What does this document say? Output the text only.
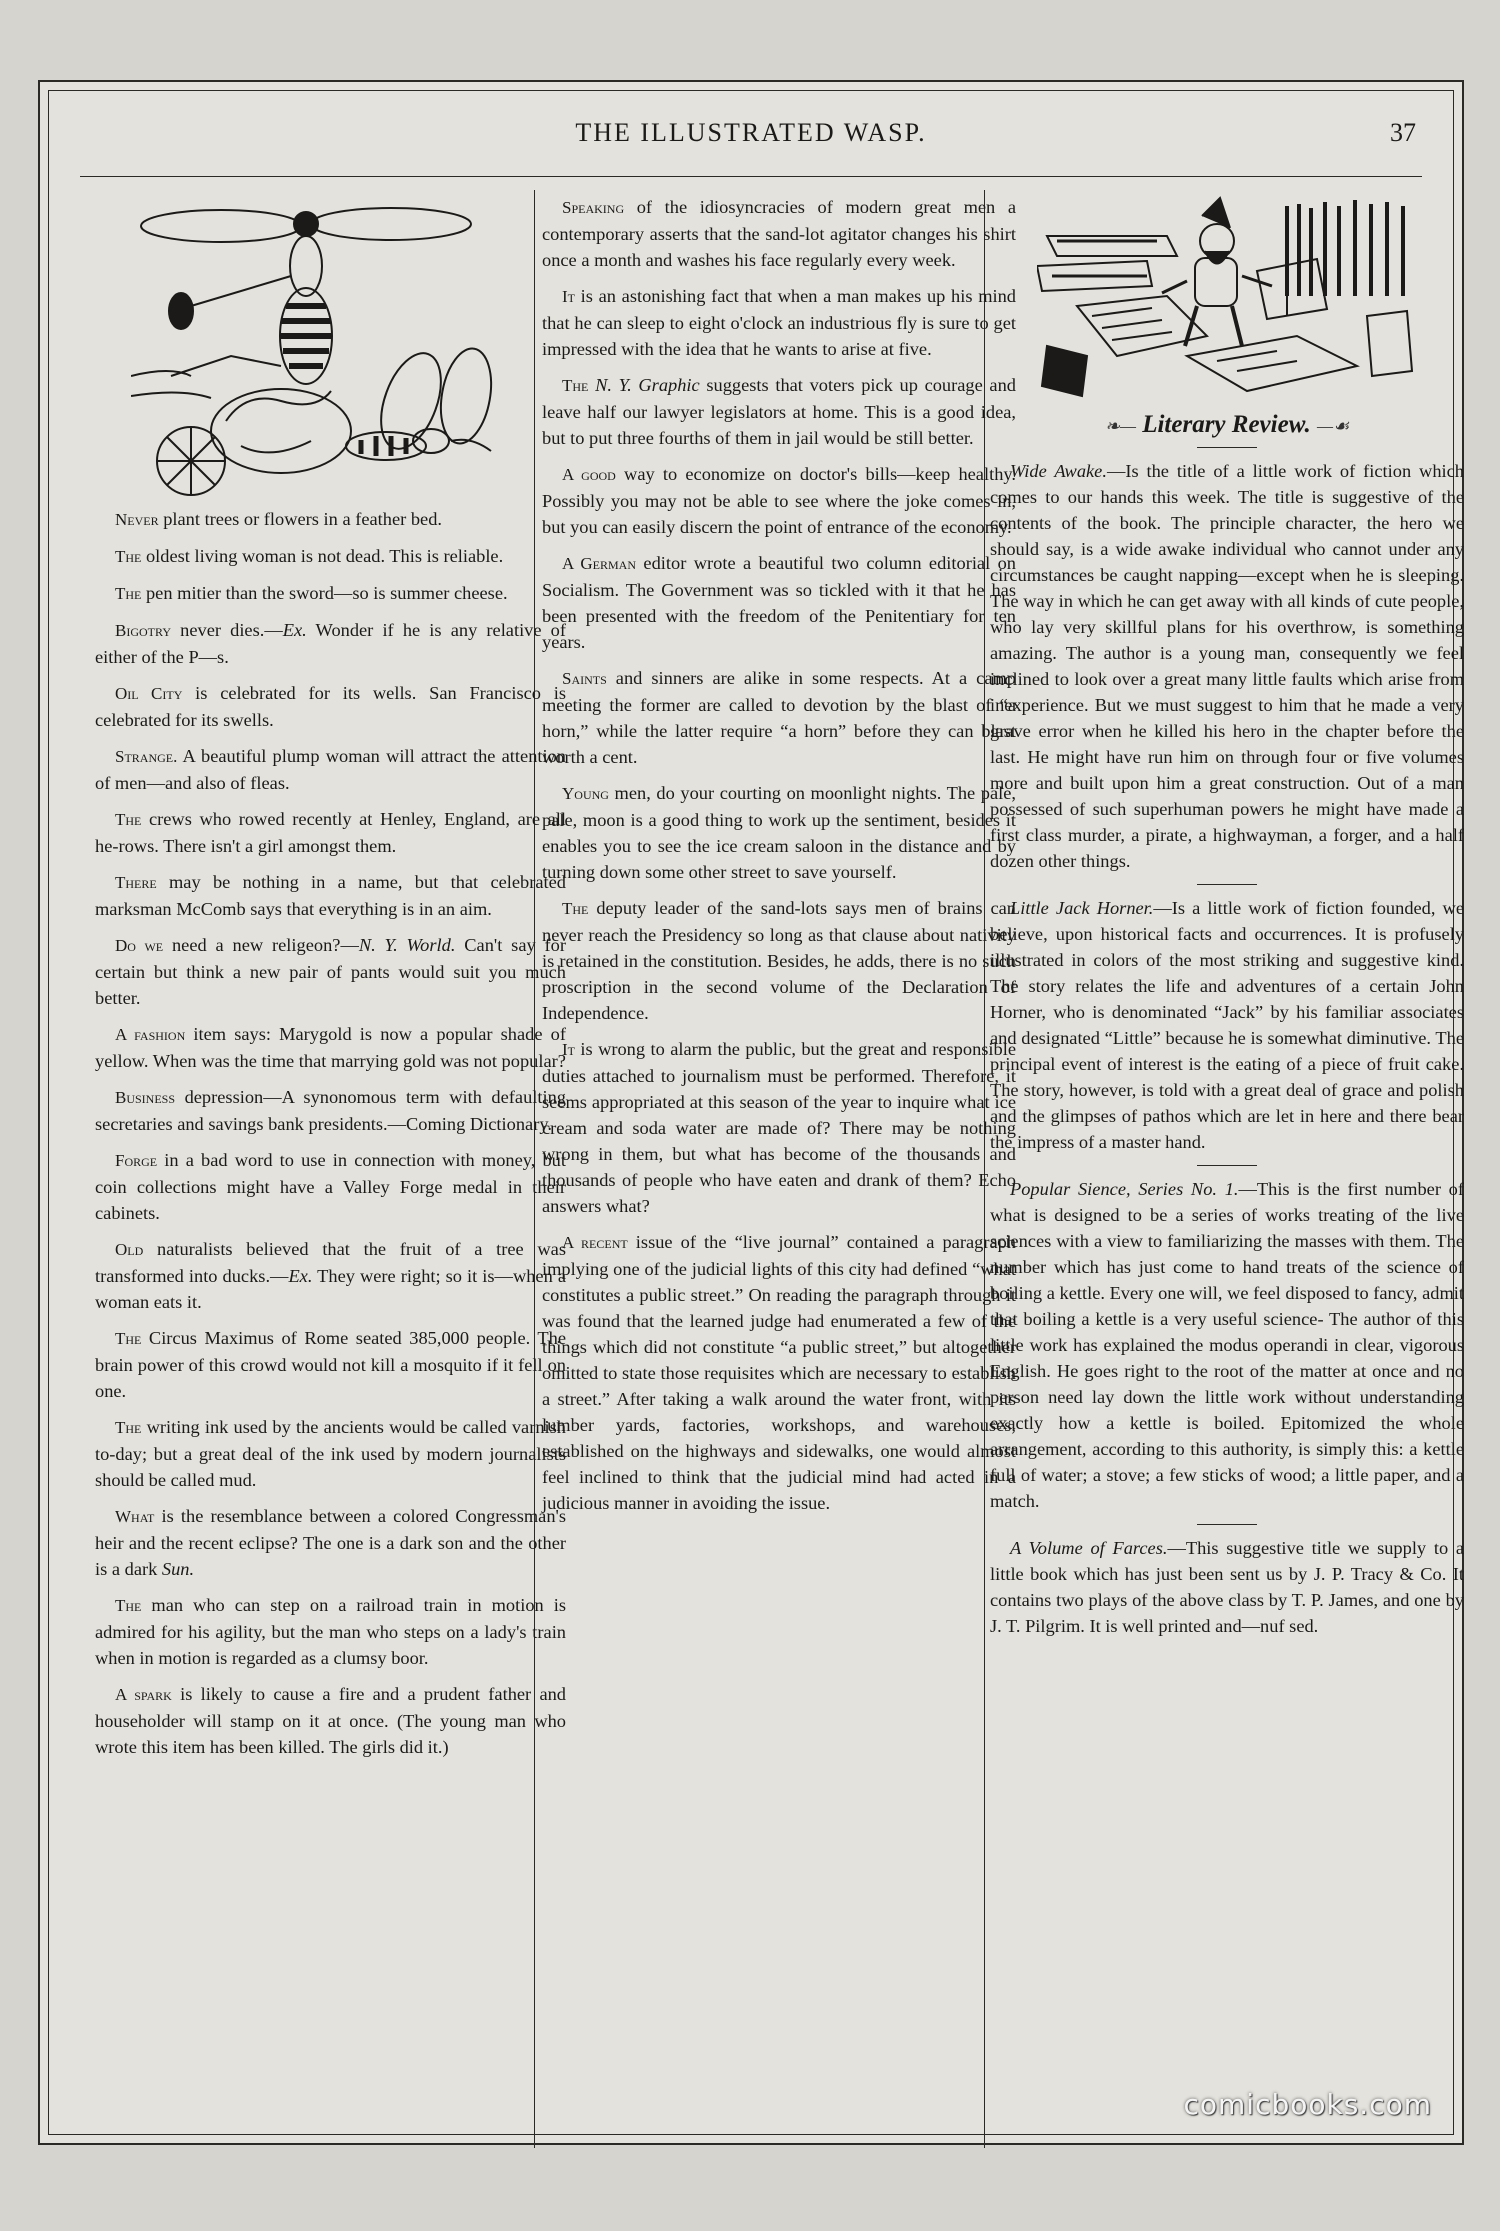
THE ILLUSTRATED WASP.	37

Never plant trees or flowers in a feather bed.

The oldest living woman is not dead. This is reliable.

The pen mitier than the sword—so is summer cheese.

Bigotry never dies.—Ex. Wonder if he is any relative of either of the P—s.

Oil City is celebrated for its wells. San Francisco is celebrated for its swells.

Strange. A beautiful plump woman will attract the attention of men—and also of fleas.

The crews who rowed recently at Henley, England, are all he-rows. There isn't a girl amongst them.

There may be nothing in a name, but that celebrated marksman McComb says that everything is in an aim.

Do we need a new religeon?—N. Y. World. Can't say for certain but think a new pair of pants would suit you much better.

A fashion item says: Marygold is now a popular shade of yellow. When was the time that marrying gold was not popular?

Business depression—A synonomous term with defaulting secretaries and savings bank presidents.—Coming Dictionary.

Forge in a bad word to use in connection with money, but coin collections might have a Valley Forge medal in their cabinets.

Old naturalists believed that the fruit of a tree was transformed into ducks.—Ex. They were right; so it is—when a woman eats it.

The Circus Maximus of Rome seated 385,000 people. The brain power of this crowd would not kill a mosquito if it fell on one.

The writing ink used by the ancients would be called varnish to-day; but a great deal of the ink used by modern journalists should be called mud.

What is the resemblance between a colored Congressman's heir and the recent eclipse? The one is a dark son and the other is a dark Sun.

The man who can step on a railroad train in motion is admired for his agility, but the man who steps on a lady's train when in motion is regarded as a clumsy boor.

A spark is likely to cause a fire and a prudent father and householder will stamp on it at once. (The young man who wrote this item has been killed. The girls did it.)

Speaking of the idiosyncracies of modern great men a contemporary asserts that the sand-lot agitator changes his shirt once a month and washes his face regularly every week.

It is an astonishing fact that when a man makes up his mind that he can sleep to eight o'clock an industrious fly is sure to get impressed with the idea that he wants to arise at five.

The N. Y. Graphic suggests that voters pick up courage and leave half our lawyer legislators at home. This is a good idea, but to put three fourths of them in jail would be still better.

A good way to economize on doctor's bills—keep healthy. Possibly you may not be able to see where the joke comes in, but you can easily discern the point of entrance of the economy.

A German editor wrote a beautiful two column editorial on Socialism. The Government was so tickled with it that he has been presented with the freedom of the Penitentiary for ten years.

Saints and sinners are alike in some respects. At a camp meeting the former are called to devotion by the blast of “a horn,” while the latter require “a horn” before they can blast worth a cent.

Young men, do your courting on moonlight nights. The pale, pale, moon is a good thing to work up the sentiment, besides it enables you to see the ice cream saloon in the distance and by turning down some other street to save yourself.

The deputy leader of the sand-lots says men of brains can never reach the Presidency so long as that clause about nativity is retained in the constitution. Besides, he adds, there is no such proscription in the second volume of the Declaration of Independence.

It is wrong to alarm the public, but the great and responsible duties attached to journalism must be performed. Therefore, it seems appropriated at this season of the year to inquire what ice cream and soda water are made of? There may be nothing wrong in them, but what has become of the thousands and thousands of people who have eaten and drank of them? Echo answers what?

A recent issue of the “live journal” contained a paragraph implying one of the judicial lights of this city had defined “what constitutes a public street.” On reading the paragraph through it was found that the learned judge had enumerated a few of the things which did not constitute “a public street,” but altogether omitted to state those requisites which are necessary to establish a street.” After taking a walk around the water front, with its lumber yards, factories, workshops, and warehouses, established on the highways and sidewalks, one would almost feel inclined to think that the judicial mind had acted in a judicious manner in avoiding the issue.

❧— Literary Review. —☙

Wide Awake.—Is the title of a little work of fiction which comes to our hands this week. The title is suggestive of the contents of the book. The principle character, the hero we should say, is a wide awake individual who cannot under any circumstances be caught napping—except when he is sleeping. The way in which he can get away with all kinds of cute people, who lay very skillful plans for his overthrow, is something amazing. The author is a young man, consequently we feel inclined to look over a great many little faults which arise from inexperience. But we must suggest to him that he made a very grave error when he killed his hero in the chapter before the last. He might have run him on through four or five volumes more and built upon him a great construction. Out of a man possessed of such superhuman powers he might have made a first class murder, a pirate, a highwayman, a forger, and a half dozen other things.

Little Jack Horner.—Is a little work of fiction founded, we believe, upon historical facts and occurrences. It is profusely illustrated in colors of the most striking and suggestive kind. The story relates the life and adventures of a certain John Horner, who is denominated “Jack” by his familiar associates and designated “Little” because he is somewhat diminutive. The principal event of interest is the eating of a piece of fruit cake. The story, however, is told with a great deal of grace and polish and the glimpses of pathos which are let in here and there bear the impress of a master hand.

Popular Sience, Series No. 1.—This is the first number of what is designed to be a series of works treating of the live sciences with a view to familiarizing the masses with them. The number which has just come to hand treats of the science of boiling a kettle. Every one will, we feel disposed to fancy, admit that boiling a kettle is a very useful science- The author of this little work has explained the modus operandi in clear, vigorous English. He goes right to the root of the matter at once and no person need lay down the little work without understanding exactly how a kettle is boiled. Epitomized the whole arrangement, according to this authority, is simply this: a kettle full of water; a stove; a few sticks of wood; a little paper, and a match.

A Volume of Farces.—This suggestive title we supply to a little book which has just been sent us by J. P. Tracy & Co. It contains two plays of the above class by T. P. James, and one by J. T. Pilgrim. It is well printed and—nuf sed.

comicbooks.com
